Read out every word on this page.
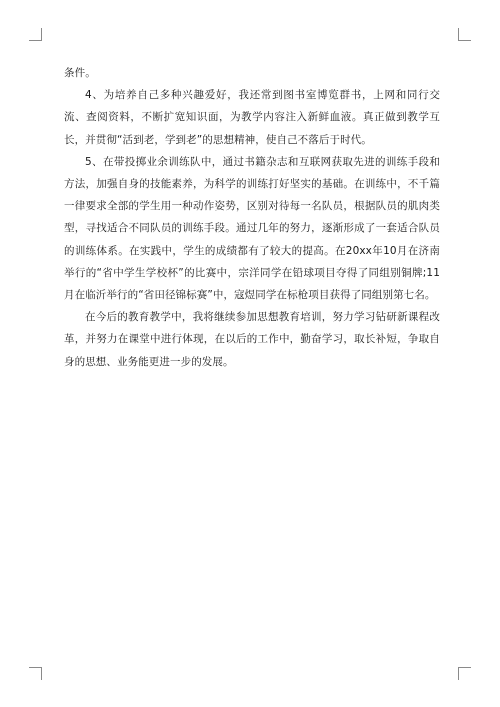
条件。

4、为培养自己多种兴趣爱好，我还常到图书室博览群书，上网和同行交流、查阅资料，不断扩宽知识面，为教学内容注入新鲜血液。真正做到教学互长，并贯彻“活到老，学到老”的思想精神，使自己不落后于时代。

5、在带投掷业余训练队中，通过书籍杂志和互联网获取先进的训练手段和方法，加强自身的技能素养，为科学的训练打好坚实的基础。在训练中，不千篇一律要求全部的学生用一种动作姿势，区别对待每一名队员，根据队员的肌肉类型，寻找适合不同队员的训练手段。通过几年的努力，逐渐形成了一套适合队员的训练体系。在实践中，学生的成绩都有了较大的提高。在20xx年10月在济南举行的“省中学生学校杯”的比赛中，宗洋同学在铅球项目夺得了同组别铜牌;11月在临沂举行的“省田径锦标赛”中，寇煜同学在标枪项目获得了同组别第七名。

在今后的教育教学中，我将继续参加思想教育培训，努力学习钻研新课程改革，并努力在课堂中进行体现，在以后的工作中，勤奋学习，取长补短，争取自身的思想、业务能更进一步的发展。
